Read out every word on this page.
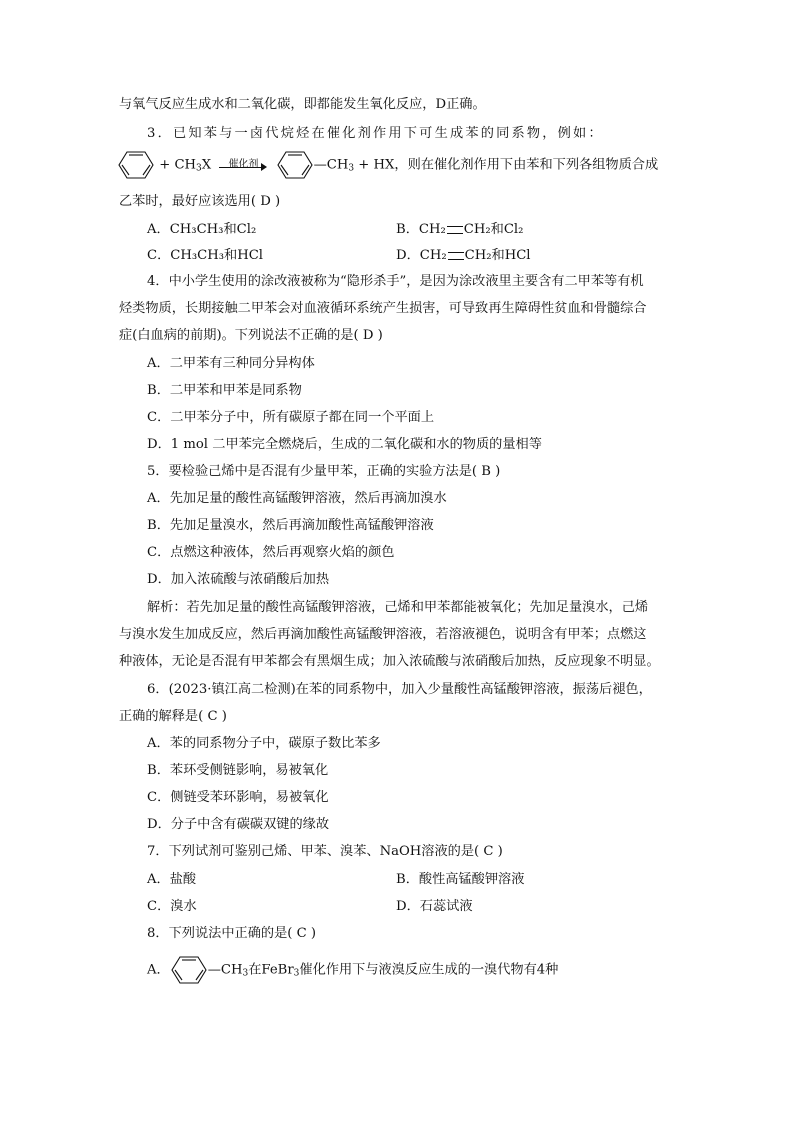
与氧气反应生成水和二氧化碳，即都能发生氧化反应，D正确。
3．已知苯与一卤代烷烃在催化剂作用下可生成苯的同系物，例如：
+ $CH_3X$	催化剂	$—CH_3$ + HX，则在催化剂作用下由苯和下列各组物质合成
乙苯时，最好应该选用( D )
A．CH₃CH₃和Cl₂	B．CH₂ CH₂和Cl₂
C．CH₃CH₃和HCl	D．CH₂ CH₂和HCl
4．中小学生使用的涂改液被称为“隐形杀手”，是因为涂改液里主要含有二甲苯等有机
烃类物质，长期接触二甲苯会对血液循环系统产生损害，可导致再生障碍性贫血和骨髓综合
症(白血病的前期)。下列说法不正确的是( D )
A．二甲苯有三种同分异构体
B．二甲苯和甲苯是同系物
C．二甲苯分子中，所有碳原子都在同一个平面上
D．1 mol 二甲苯完全燃烧后，生成的二氧化碳和水的物质的量相等
5．要检验己烯中是否混有少量甲苯，正确的实验方法是( B )
A．先加足量的酸性高锰酸钾溶液，然后再滴加溴水
B．先加足量溴水，然后再滴加酸性高锰酸钾溶液
C．点燃这种液体，然后再观察火焰的颜色
D．加入浓硫酸与浓硝酸后加热
解析：若先加足量的酸性高锰酸钾溶液，己烯和甲苯都能被氧化；先加足量溴水，己烯
与溴水发生加成反应，然后再滴加酸性高锰酸钾溶液，若溶液褪色，说明含有甲苯；点燃这
种液体，无论是否混有甲苯都会有黑烟生成；加入浓硫酸与浓硝酸后加热，反应现象不明显。
6．(2023·镇江高二检测)在苯的同系物中，加入少量酸性高锰酸钾溶液，振荡后褪色，
正确的解释是( C )
A．苯的同系物分子中，碳原子数比苯多
B．苯环受侧链影响，易被氧化
C．侧链受苯环影响，易被氧化
D．分子中含有碳碳双键的缘故
7．下列试剂可鉴别己烯、甲苯、溴苯、NaOH溶液的是( C )
A．盐酸	B．酸性高锰酸钾溶液
C．溴水	D．石蕊试液
8．下列说法中正确的是( C )
A．	$—CH_3$在FeBr$_3$催化作用下与液溴反应生成的一溴代物有4种
